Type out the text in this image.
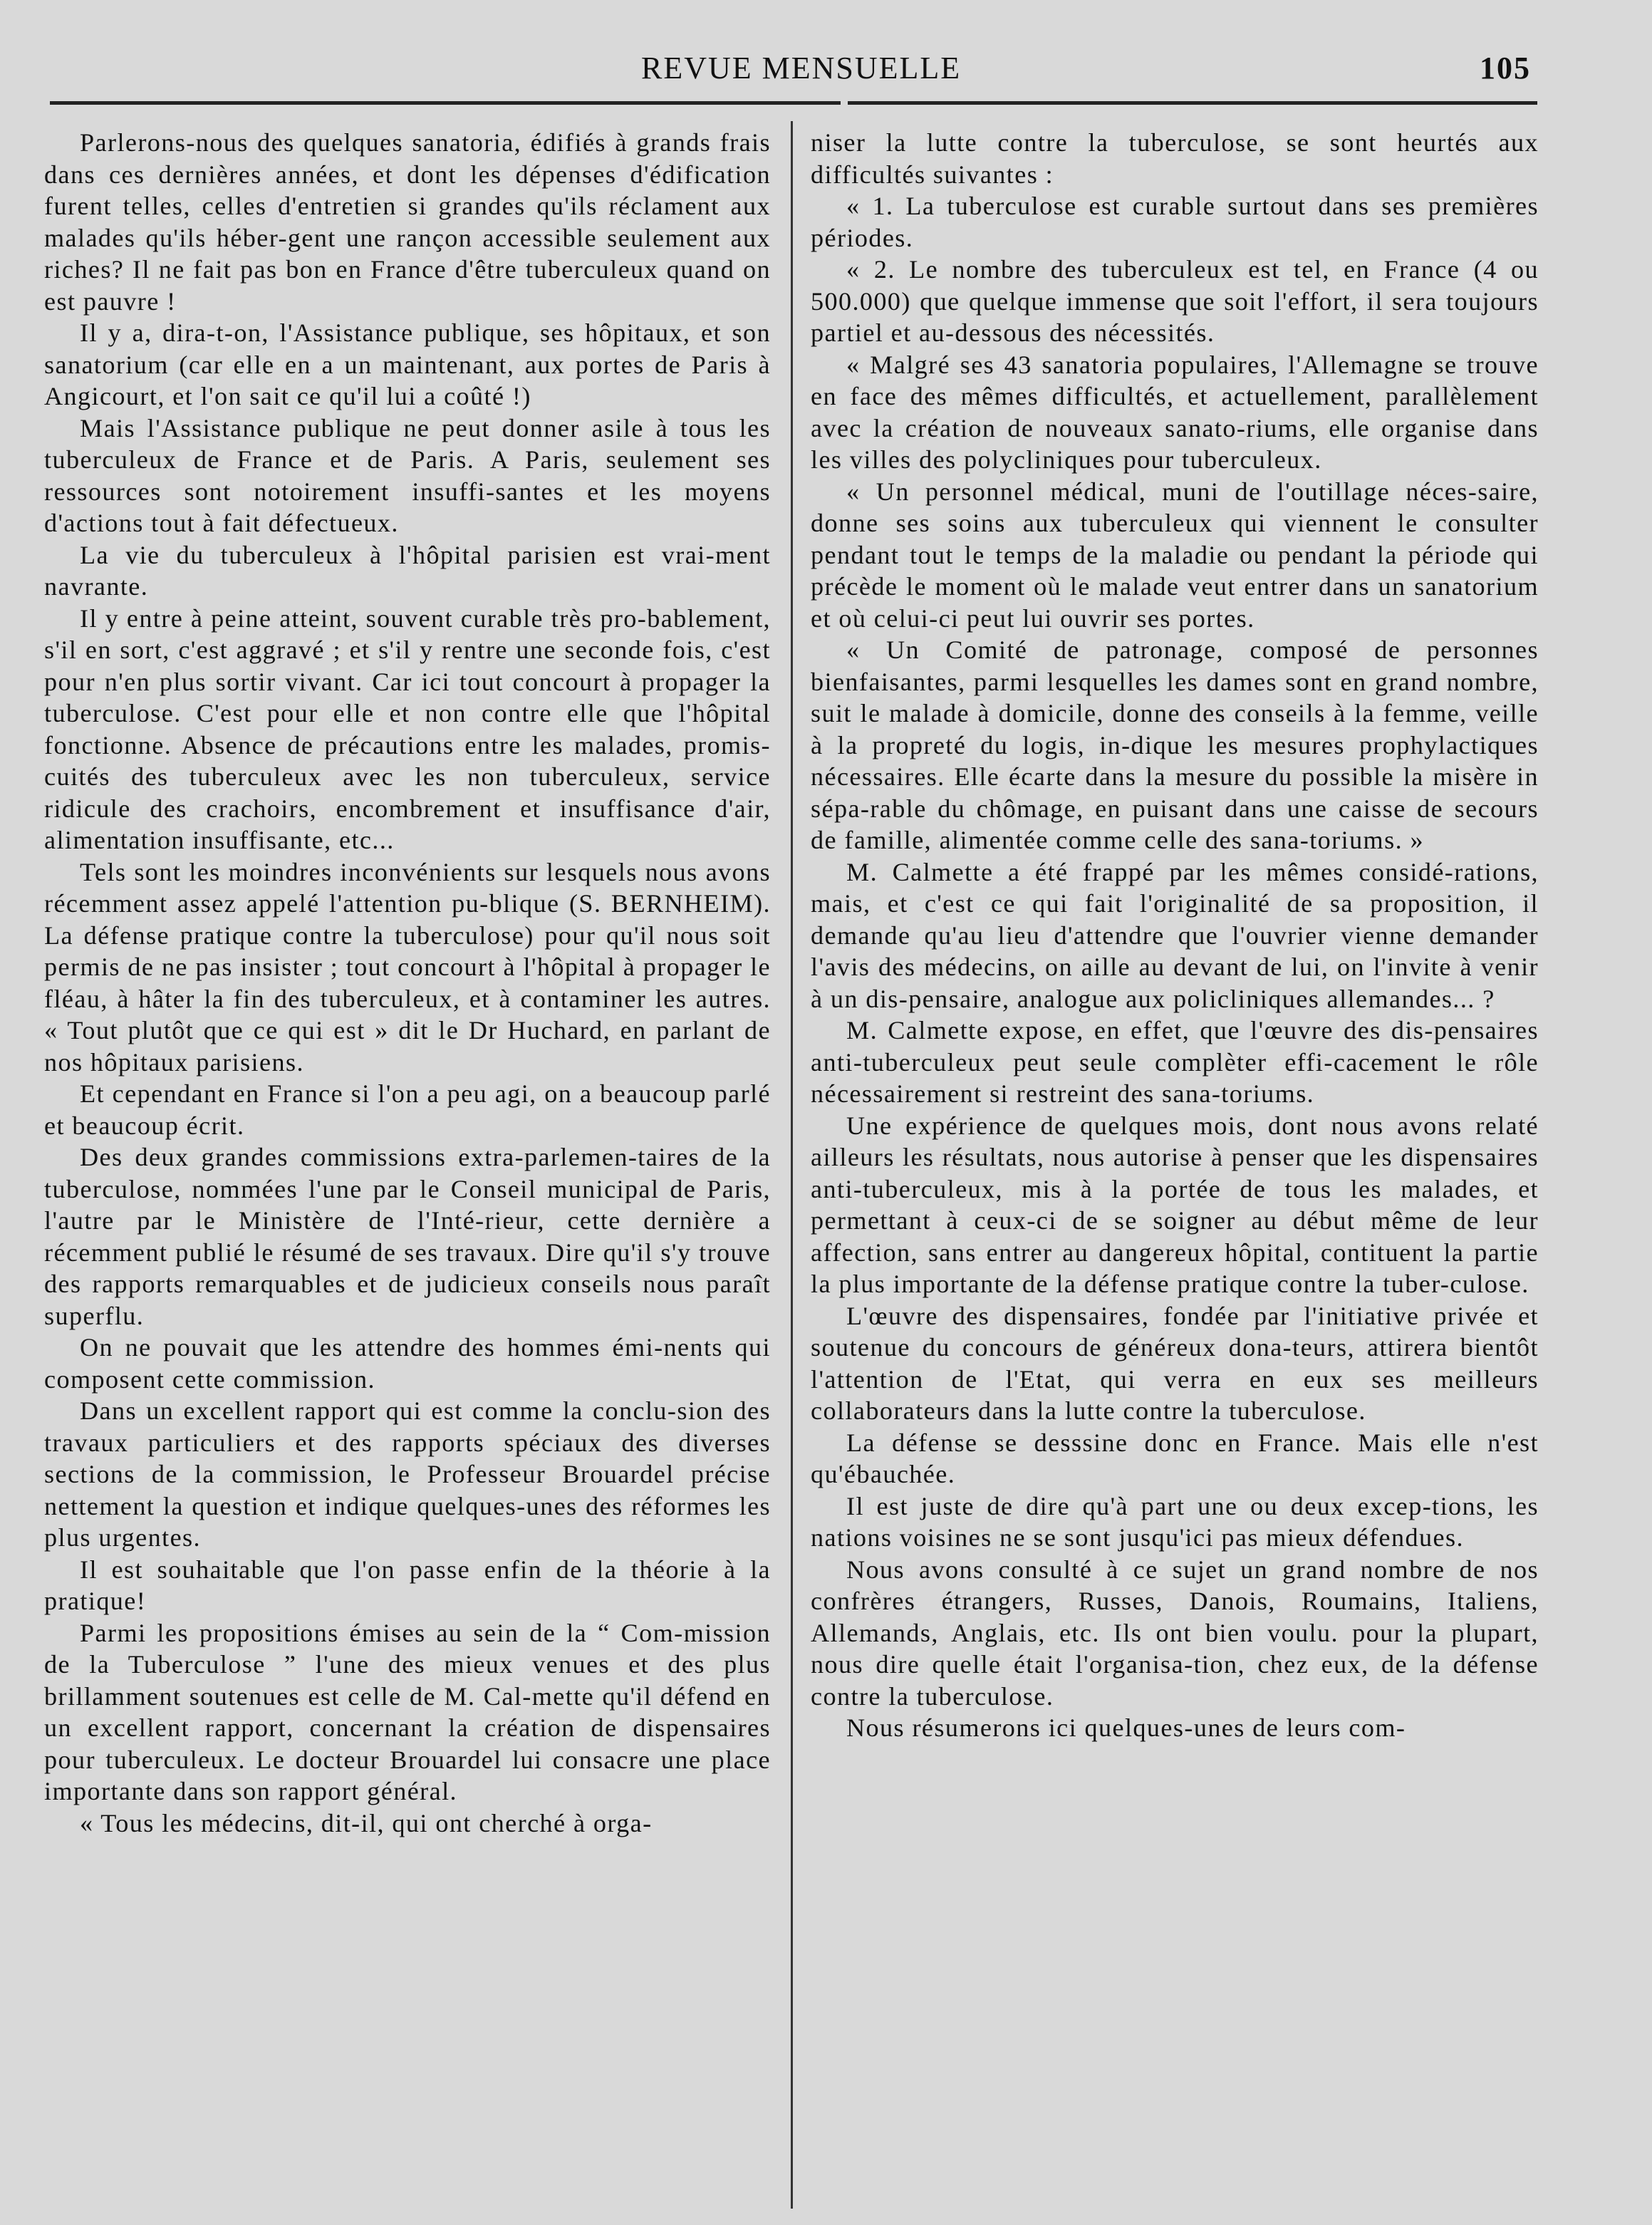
REVUE MENSUELLE	105

Parlerons-nous des quelques sanatoria, édifiés à grands frais dans ces dernières années, et dont les dépenses d'édification furent telles, celles d'entretien si grandes qu'ils réclament aux malades qu'ils héber-gent une rançon accessible seulement aux riches? Il ne fait pas bon en France d'être tuberculeux quand on est pauvre !

Il y a, dira-t-on, l'Assistance publique, ses hôpitaux, et son sanatorium (car elle en a un maintenant, aux portes de Paris à Angicourt, et l'on sait ce qu'il lui a coûté !)

Mais l'Assistance publique ne peut donner asile à tous les tuberculeux de France et de Paris. A Paris, seulement ses ressources sont notoirement insuffi-santes et les moyens d'actions tout à fait défectueux.

La vie du tuberculeux à l'hôpital parisien est vrai-ment navrante.

Il y entre à peine atteint, souvent curable très pro-bablement, s'il en sort, c'est aggravé ; et s'il y rentre une seconde fois, c'est pour n'en plus sortir vivant. Car ici tout concourt à propager la tuberculose. C'est pour elle et non contre elle que l'hôpital fonctionne. Absence de précautions entre les malades, promis-cuités des tuberculeux avec les non tuberculeux, service ridicule des crachoirs, encombrement et insuffisance d'air, alimentation insuffisante, etc...

Tels sont les moindres inconvénients sur lesquels nous avons récemment assez appelé l'attention pu-blique (S. BERNHEIM). La défense pratique contre la tuberculose) pour qu'il nous soit permis de ne pas insister ; tout concourt à l'hôpital à propager le fléau, à hâter la fin des tuberculeux, et à contaminer les autres. « Tout plutôt que ce qui est » dit le Dr Huchard, en parlant de nos hôpitaux parisiens.

Et cependant en France si l'on a peu agi, on a beaucoup parlé et beaucoup écrit.

Des deux grandes commissions extra-parlemen-taires de la tuberculose, nommées l'une par le Conseil municipal de Paris, l'autre par le Ministère de l'Inté-rieur, cette dernière a récemment publié le résumé de ses travaux. Dire qu'il s'y trouve des rapports remarquables et de judicieux conseils nous paraît superflu.

On ne pouvait que les attendre des hommes émi-nents qui composent cette commission.

Dans un excellent rapport qui est comme la conclu-sion des travaux particuliers et des rapports spéciaux des diverses sections de la commission, le Professeur Brouardel précise nettement la question et indique quelques-unes des réformes les plus urgentes.

Il est souhaitable que l'on passe enfin de la théorie à la pratique!

Parmi les propositions émises au sein de la “ Com-mission de la Tuberculose ” l'une des mieux venues et des plus brillamment soutenues est celle de M. Cal-mette qu'il défend en un excellent rapport, concernant la création de dispensaires pour tuberculeux. Le docteur Brouardel lui consacre une place importante dans son rapport général.

« Tous les médecins, dit-il, qui ont cherché à orga-

niser la lutte contre la tuberculose, se sont heurtés aux difficultés suivantes :

« 1. La tuberculose est curable surtout dans ses premières périodes.

« 2. Le nombre des tuberculeux est tel, en France (4 ou 500.000) que quelque immense que soit l'effort, il sera toujours partiel et au-dessous des nécessités.

« Malgré ses 43 sanatoria populaires, l'Allemagne se trouve en face des mêmes difficultés, et actuellement, parallèlement avec la création de nouveaux sanato-riums, elle organise dans les villes des polycliniques pour tuberculeux.

« Un personnel médical, muni de l'outillage néces-saire, donne ses soins aux tuberculeux qui viennent le consulter pendant tout le temps de la maladie ou pendant la période qui précède le moment où le malade veut entrer dans un sanatorium et où celui-ci peut lui ouvrir ses portes.

« Un Comité de patronage, composé de personnes bienfaisantes, parmi lesquelles les dames sont en grand nombre, suit le malade à domicile, donne des conseils à la femme, veille à la propreté du logis, in-dique les mesures prophylactiques nécessaires. Elle écarte dans la mesure du possible la misère in sépa-rable du chômage, en puisant dans une caisse de secours de famille, alimentée comme celle des sana-toriums. »

M. Calmette a été frappé par les mêmes considé-rations, mais, et c'est ce qui fait l'originalité de sa proposition, il demande qu'au lieu d'attendre que l'ouvrier vienne demander l'avis des médecins, on aille au devant de lui, on l'invite à venir à un dis-pensaire, analogue aux policliniques allemandes... ?

M. Calmette expose, en effet, que l'œuvre des dis-pensaires anti-tuberculeux peut seule complèter effi-cacement le rôle nécessairement si restreint des sana-toriums.

Une expérience de quelques mois, dont nous avons relaté ailleurs les résultats, nous autorise à penser que les dispensaires anti-tuberculeux, mis à la portée de tous les malades, et permettant à ceux-ci de se soigner au début même de leur affection, sans entrer au dangereux hôpital, contituent la partie la plus importante de la défense pratique contre la tuber-culose.

L'œuvre des dispensaires, fondée par l'initiative privée et soutenue du concours de généreux dona-teurs, attirera bientôt l'attention de l'Etat, qui verra en eux ses meilleurs collaborateurs dans la lutte contre la tuberculose.

La défense se desssine donc en France. Mais elle n'est qu'ébauchée.

Il est juste de dire qu'à part une ou deux excep-tions, les nations voisines ne se sont jusqu'ici pas mieux défendues.

Nous avons consulté à ce sujet un grand nombre de nos confrères étrangers, Russes, Danois, Roumains, Italiens, Allemands, Anglais, etc. Ils ont bien voulu. pour la plupart, nous dire quelle était l'organisa-tion, chez eux, de la défense contre la tuberculose.

Nous résumerons ici quelques-unes de leurs com-
